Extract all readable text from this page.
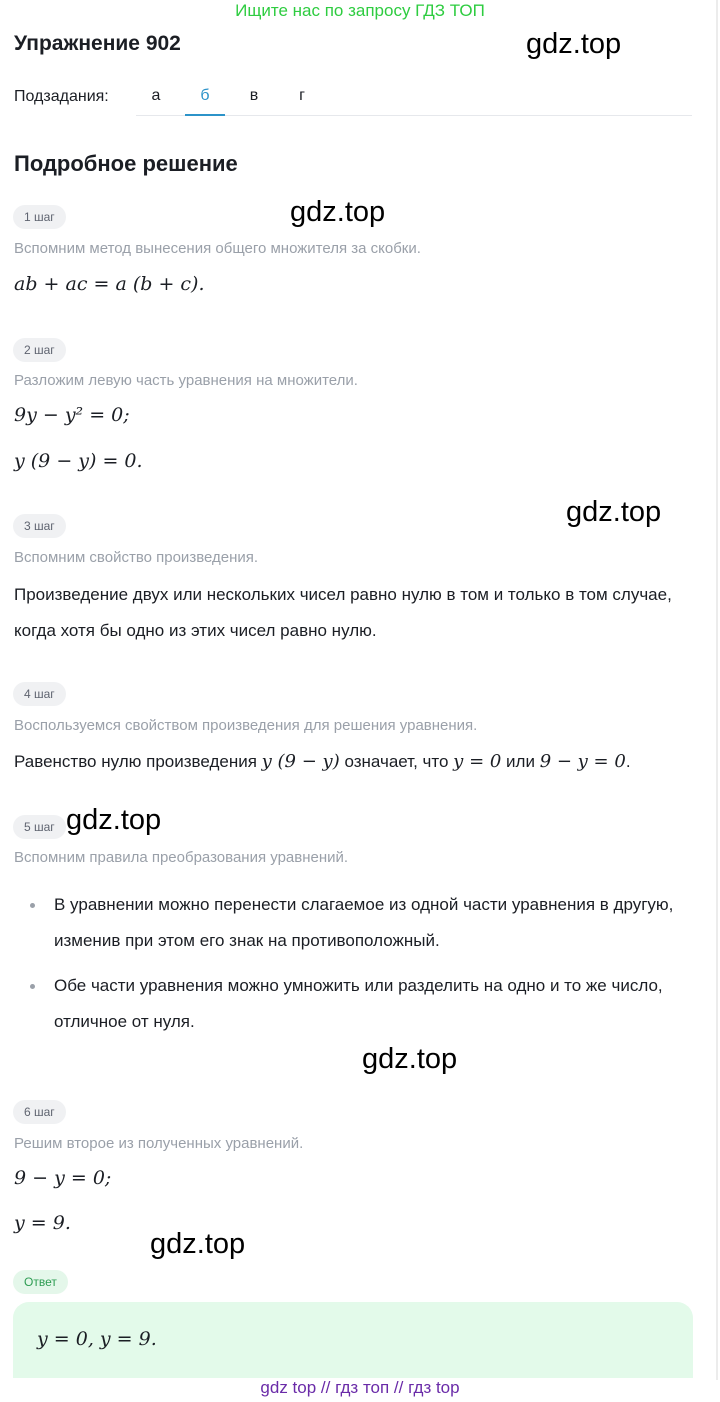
Ищите нас по запросу ГДЗ ТОП
Упражнение 902
Подзадания:	а	б	в	г
Подробное решение
1 шаг
Вспомним метод вынесения общего множителя за скобки.
ab + ac = a (b + c).
2 шаг
Разложим левую часть уравнения на множители.
9y − y² = 0;
y (9 − y) = 0.
3 шаг
Вспомним свойство произведения.
Произведение двух или нескольких чисел равно нулю в том и только в том случае, когда хотя бы одно из этих чисел равно нулю.
4 шаг
Воспользуемся свойством произведения для решения уравнения.
Равенство нулю произведения y (9 − y) означает, что y = 0 или 9 − y = 0.
5 шаг
Вспомним правила преобразования уравнений.
В уравнении можно перенести слагаемое из одной части уравнения в другую, изменив при этом его знак на противоположный.
Обе части уравнения можно умножить или разделить на одно и то же число, отличное от нуля.
6 шаг
Решим второе из полученных уравнений.
9 − y = 0;
y = 9.
Ответ
y = 0, y = 9.
gdz.top
gdz.top
gdz.top
gdz.top
gdz.top
gdz.top
gdz top // гдз топ // гдз top
